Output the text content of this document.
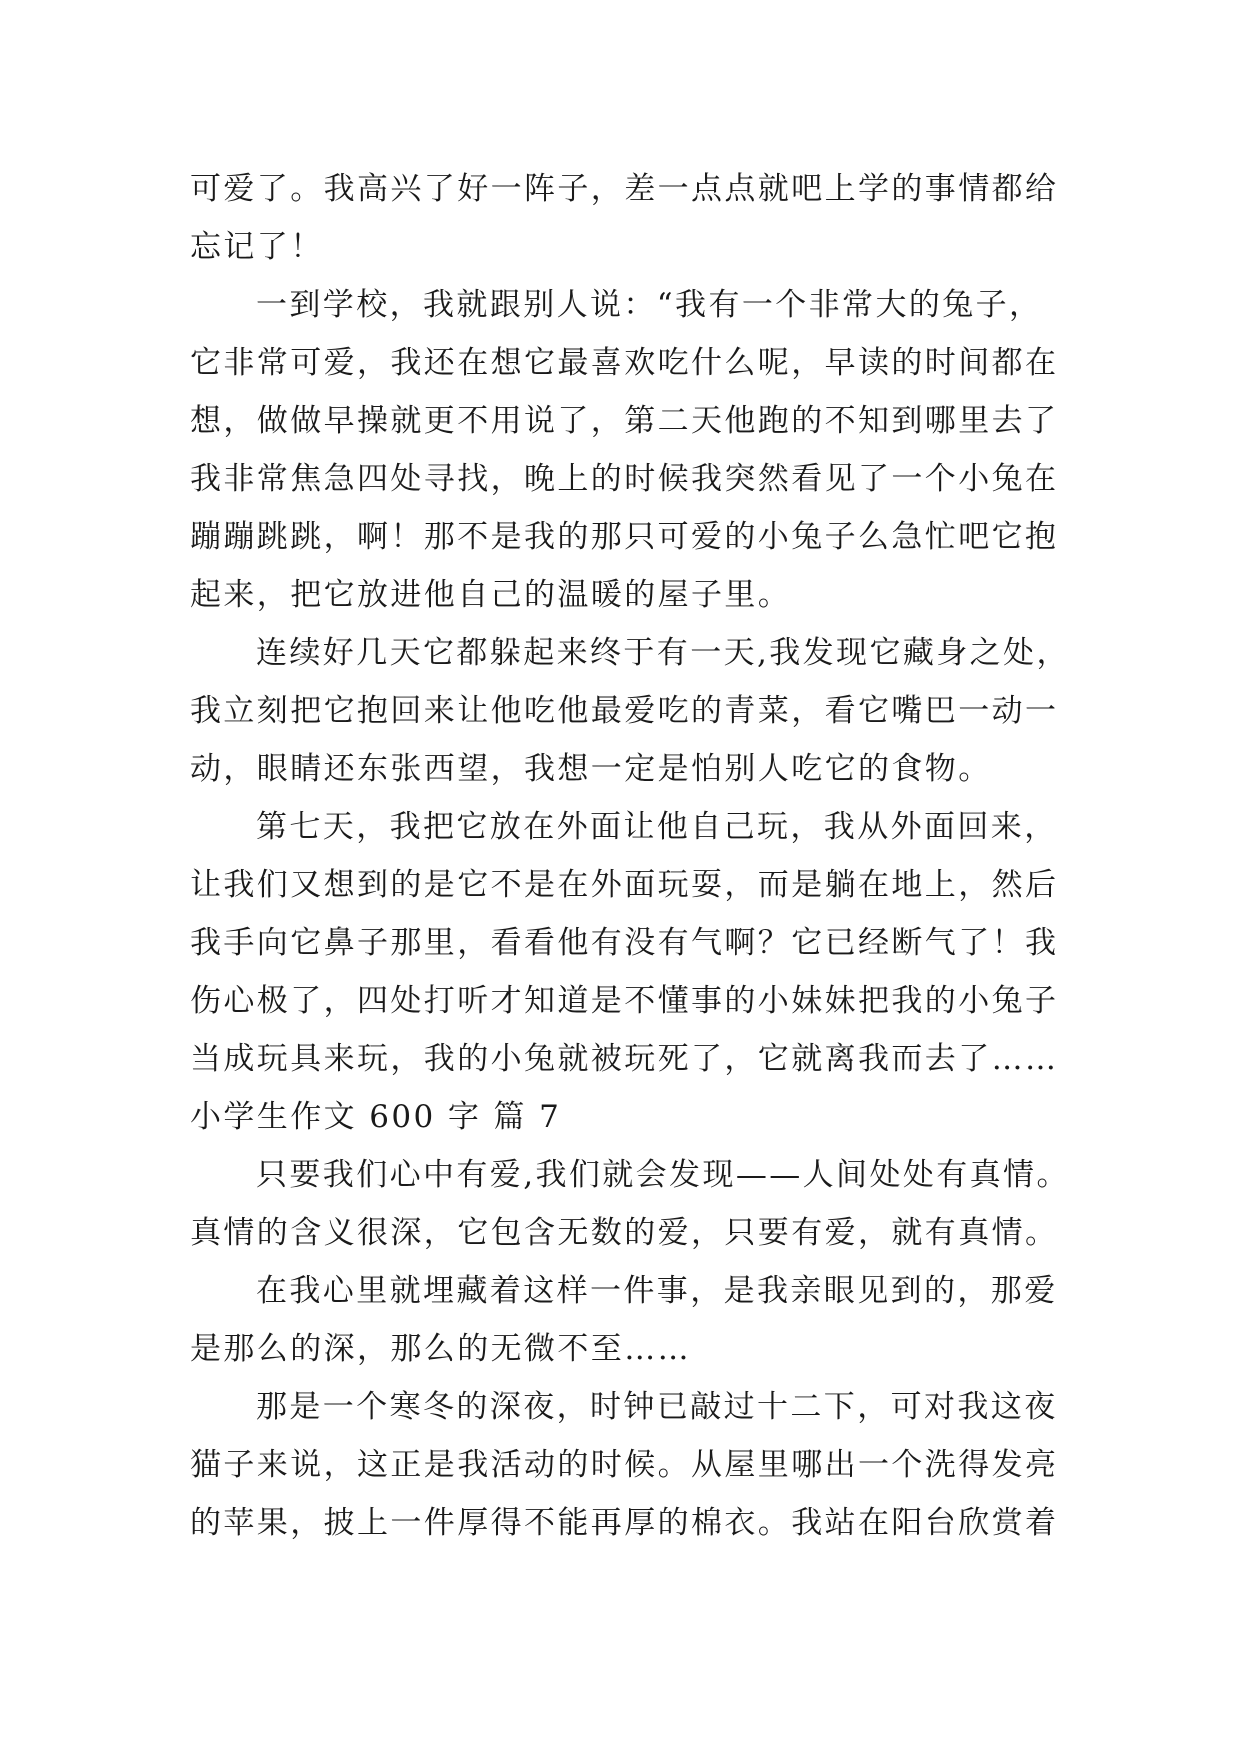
可爱了。我高兴了好一阵子，差一点点就吧上学的事情都给
忘记了！
一到学校，我就跟别人说：“我有一个非常大的兔子，
它非常可爱，我还在想它最喜欢吃什么呢，早读的时间都在
想，做做早操就更不用说了，第二天他跑的不知到哪里去了
我非常焦急四处寻找，晚上的时候我突然看见了一个小兔在
蹦蹦跳跳，啊！那不是我的那只可爱的小兔子么急忙吧它抱
起来，把它放进他自己的温暖的屋子里。
连续好几天它都躲起来终于有一天,我发现它藏身之处，
我立刻把它抱回来让他吃他最爱吃的青菜，看它嘴巴一动一
动，眼睛还东张西望，我想一定是怕别人吃它的食物。
第七天，我把它放在外面让他自己玩，我从外面回来，
让我们又想到的是它不是在外面玩耍，而是躺在地上，然后
我手向它鼻子那里，看看他有没有气啊？它已经断气了！我
伤心极了，四处打听才知道是不懂事的小妹妹把我的小兔子
当成玩具来玩，我的小兔就被玩死了，它就离我而去了……
小学生作文 600 字 篇 7
只要我们心中有爱,我们就会发现——人间处处有真情。
真情的含义很深，它包含无数的爱，只要有爱，就有真情。
在我心里就埋藏着这样一件事，是我亲眼见到的，那爱
是那么的深，那么的无微不至……
那是一个寒冬的深夜，时钟已敲过十二下，可对我这夜
猫子来说，这正是我活动的时候。从屋里哪出一个洗得发亮
的苹果，披上一件厚得不能再厚的棉衣。我站在阳台欣赏着
